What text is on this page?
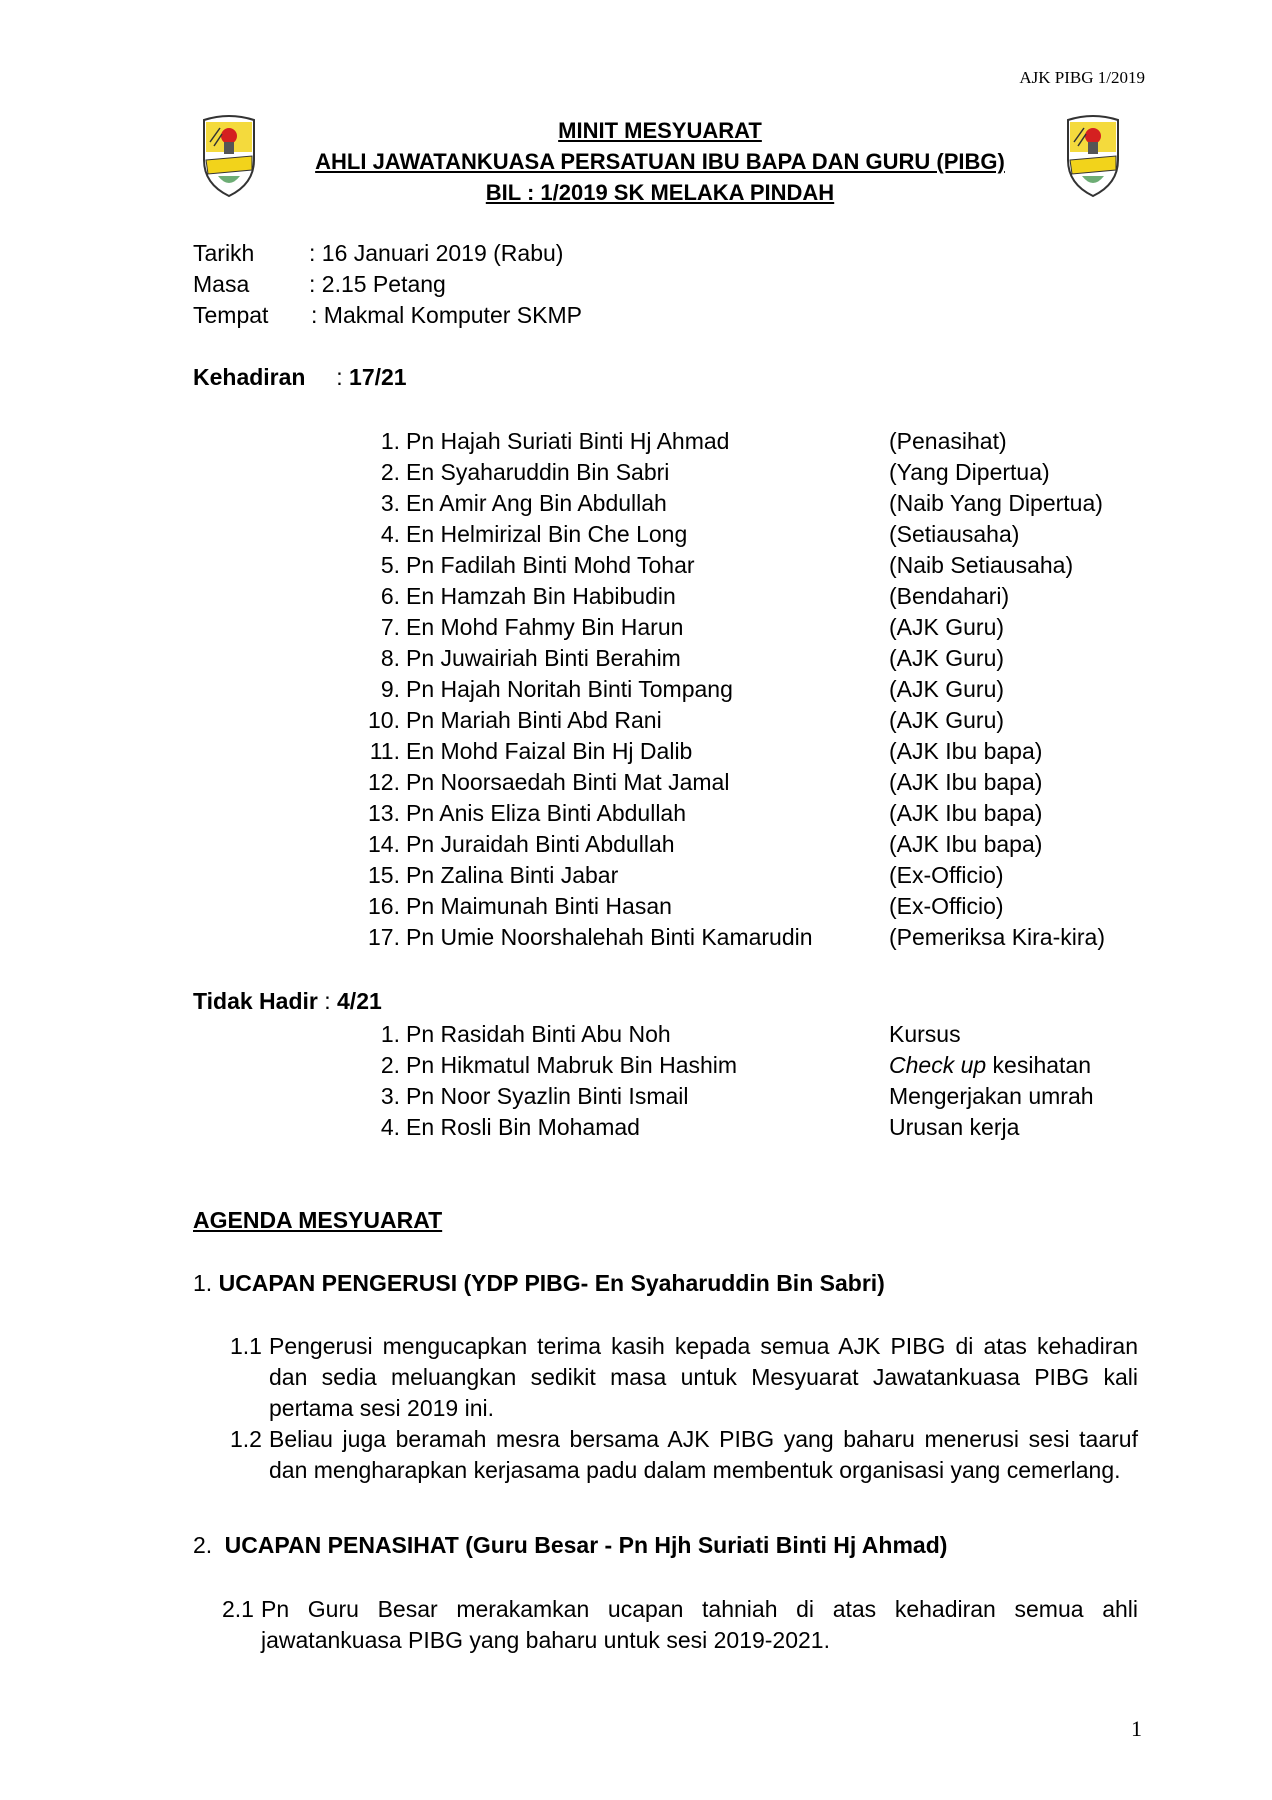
AJK PIBG 1/2019
MINIT MESYUARAT
AHLI JAWATANKUASA PERSATUAN IBU BAPA DAN GURU (PIBG)
BIL : 1/2019 SK MELAKA PINDAH
Tarikh : 16 Januari 2019 (Rabu)
Masa	: 2.15 Petang
Tempat : Makmal Komputer SKMP
Kehadiran : 17/21
1. Pn Hajah Suriati Binti Hj Ahmad	(Penasihat)
2. En Syaharuddin Bin Sabri	(Yang Dipertua)
3. En Amir Ang Bin Abdullah	(Naib Yang Dipertua)
4. En Helmirizal Bin Che Long	(Setiausaha)
5. Pn Fadilah Binti Mohd Tohar	(Naib Setiausaha)
6. En Hamzah Bin Habibudin	(Bendahari)
7. En Mohd Fahmy Bin Harun	(AJK Guru)
8. Pn Juwairiah Binti Berahim	(AJK Guru)
9. Pn Hajah Noritah Binti Tompang	(AJK Guru)
10. Pn Mariah Binti Abd Rani	(AJK Guru)
11. En Mohd Faizal Bin Hj Dalib	(AJK Ibu bapa)
12. Pn Noorsaedah Binti Mat Jamal	(AJK Ibu bapa)
13. Pn Anis Eliza Binti Abdullah	(AJK Ibu bapa)
14. Pn Juraidah Binti Abdullah	(AJK Ibu bapa)
15. Pn Zalina Binti Jabar	(Ex-Officio)
16. Pn Maimunah Binti Hasan	(Ex-Officio)
17. Pn Umie Noorshalehah Binti Kamarudin	(Pemeriksa Kira-kira)
Tidak Hadir : 4/21
1. Pn Rasidah Binti Abu Noh	Kursus
2. Pn Hikmatul Mabruk Bin Hashim	Check up kesihatan
3. Pn Noor Syazlin Binti Ismail	Mengerjakan umrah
4. En Rosli Bin Mohamad	Urusan kerja
AGENDA MESYUARAT
1. UCAPAN PENGERUSI (YDP PIBG- En Syaharuddin Bin Sabri)
1.1 Pengerusi mengucapkan terima kasih kepada semua AJK PIBG di atas kehadiran dan sedia meluangkan sedikit masa untuk Mesyuarat Jawatankuasa PIBG kali pertama sesi 2019 ini.
1.2 Beliau juga beramah mesra bersama AJK PIBG yang baharu menerusi sesi taaruf dan mengharapkan kerjasama padu dalam membentuk organisasi yang cemerlang.
2. UCAPAN PENASIHAT (Guru Besar - Pn Hjh Suriati Binti Hj Ahmad)
2.1 Pn Guru Besar merakamkan ucapan tahniah di atas kehadiran semua ahli jawatankuasa PIBG yang baharu untuk sesi 2019-2021.
1
